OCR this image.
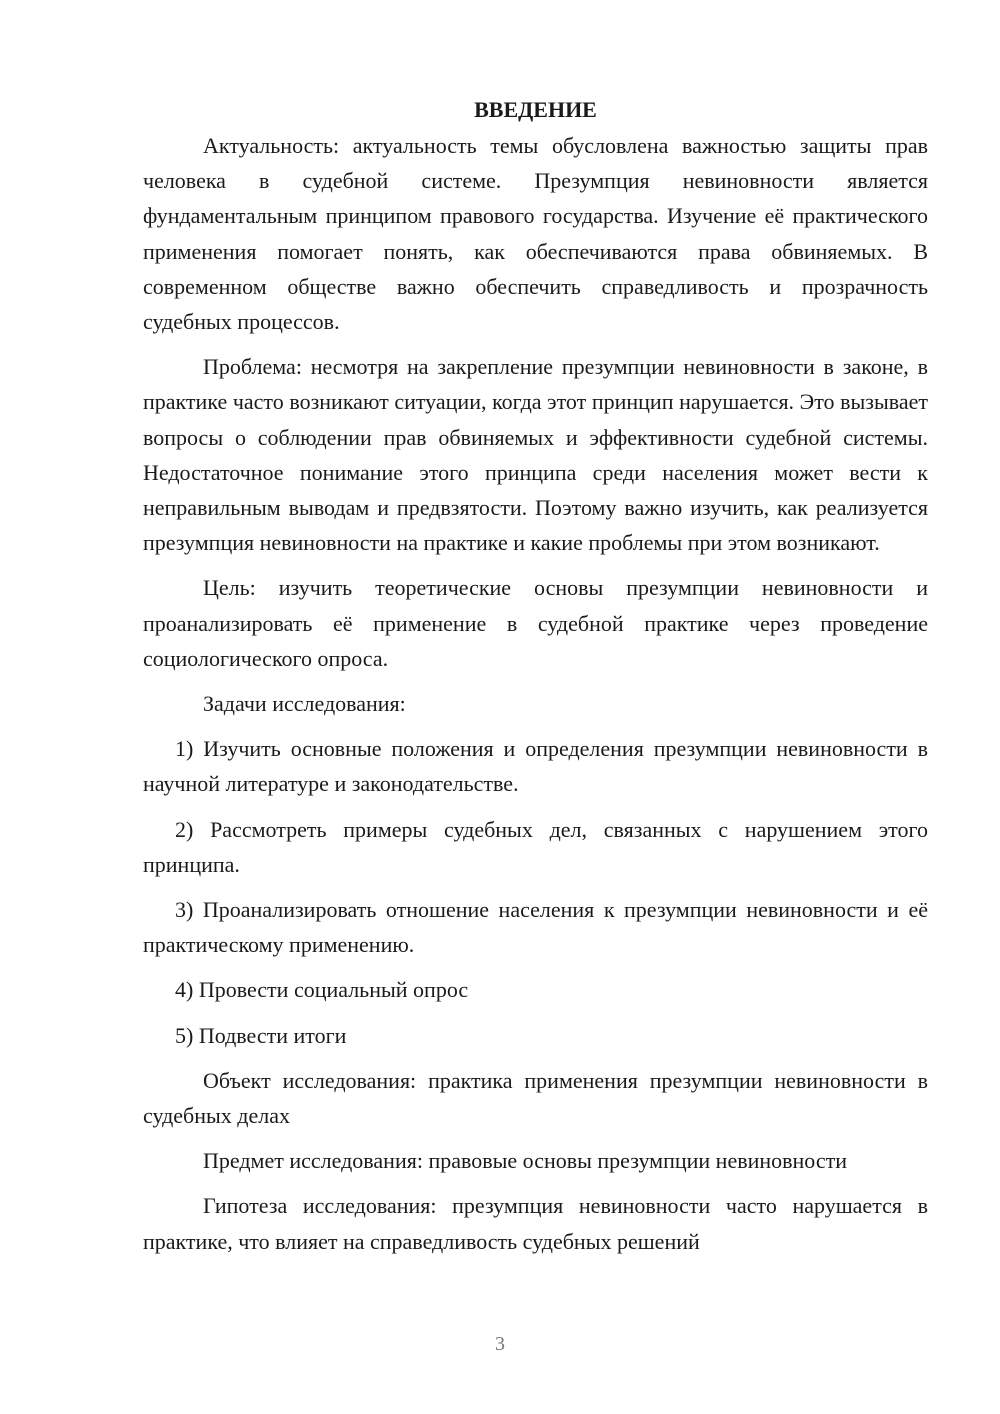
ВВЕДЕНИЕ

Актуальность: актуальность темы обусловлена важностью защиты прав человека в судебной системе. Презумпция невиновности является фундаментальным принципом правового государства. Изучение её практического применения помогает понять, как обеспечиваются права обвиняемых. В современном обществе важно обеспечить справедливость и прозрачность судебных процессов.

Проблема: несмотря на закрепление презумпции невиновности в законе, в практике часто возникают ситуации, когда этот принцип нарушается. Это вызывает вопросы о соблюдении прав обвиняемых и эффективности судебной системы. Недостаточное понимание этого принципа среди населения может вести к неправильным выводам и предвзятости. Поэтому важно изучить, как реализуется презумпция невиновности на практике и какие проблемы при этом возникают.

Цель: изучить теоретические основы презумпции невиновности и проанализировать её применение в судебной практике через проведение социологического опроса.

Задачи исследования:

1) Изучить основные положения и определения презумпции невиновности в научной литературе и законодательстве.

2) Рассмотреть примеры судебных дел, связанных с нарушением этого принципа.

3) Проанализировать отношение населения к презумпции невиновности и её практическому применению.

4) Провести социальный опрос

5) Подвести итоги

Объект исследования: практика применения презумпции невиновности в судебных делах

Предмет исследования: правовые основы презумпции невиновности

Гипотеза исследования: презумпция невиновности часто нарушается в практике, что влияет на справедливость судебных решений

3
